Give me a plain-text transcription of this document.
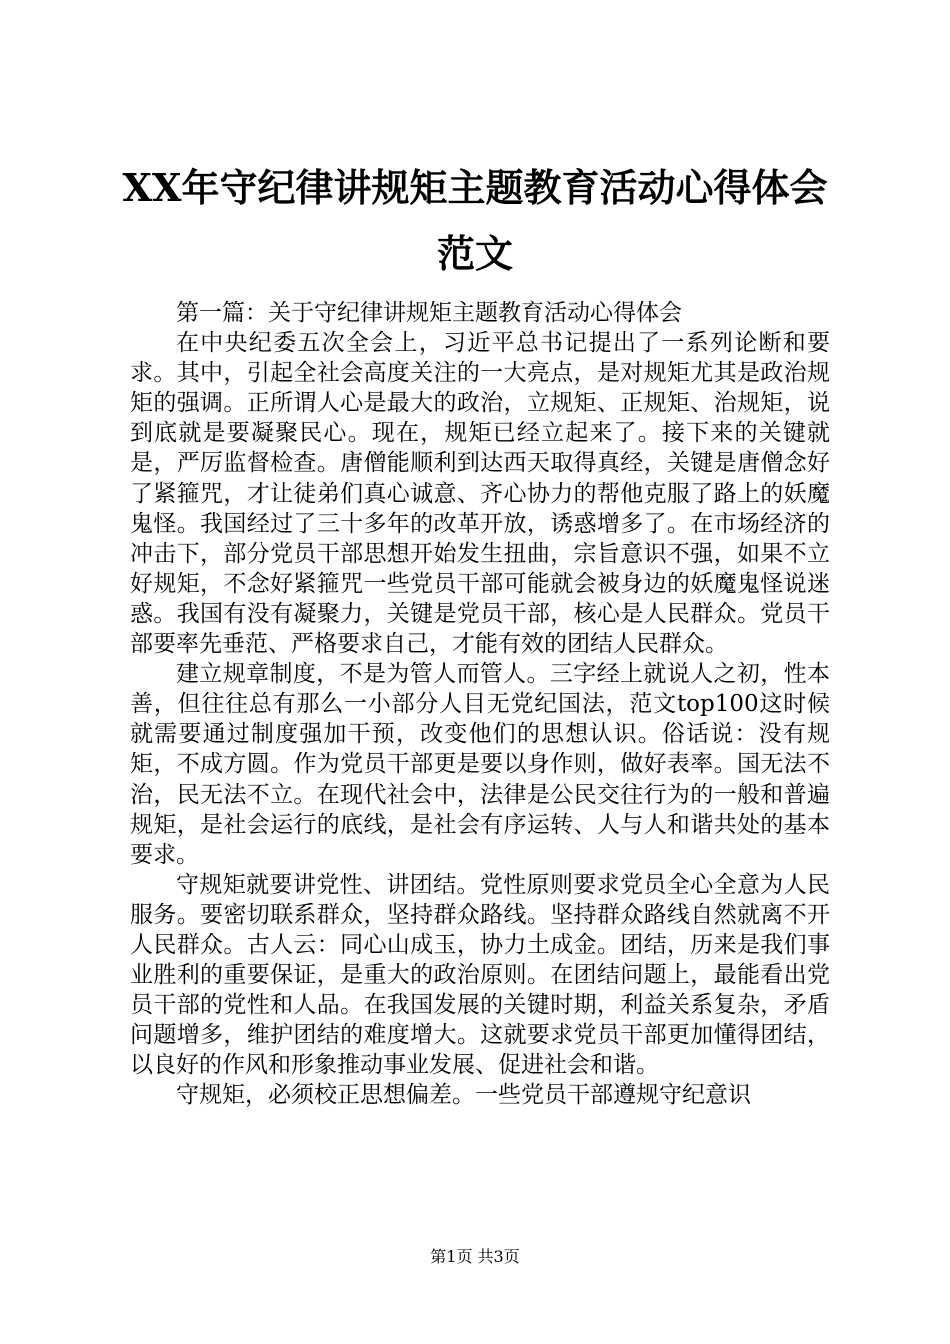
XX年守纪律讲规矩主题教育活动心得体会范文

第一篇：关于守纪律讲规矩主题教育活动心得体会

在中央纪委五次全会上，习近平总书记提出了一系列论断和要求。其中，引起全社会高度关注的一大亮点，是对规矩尤其是政治规矩的强调。正所谓人心是最大的政治，立规矩、正规矩、治规矩，说到底就是要凝聚民心。现在，规矩已经立起来了。接下来的关键就是，严厉监督检查。唐僧能顺利到达西天取得真经，关键是唐僧念好了紧箍咒，才让徒弟们真心诚意、齐心协力的帮他克服了路上的妖魔鬼怪。我国经过了三十多年的改革开放，诱惑增多了。在市场经济的冲击下，部分党员干部思想开始发生扭曲，宗旨意识不强，如果不立好规矩，不念好紧箍咒一些党员干部可能就会被身边的妖魔鬼怪说迷惑。我国有没有凝聚力，关键是党员干部，核心是人民群众。党员干部要率先垂范、严格要求自己，才能有效的团结人民群众。

建立规章制度，不是为管人而管人。三字经上就说人之初，性本善，但往往总有那么一小部分人目无党纪国法，范文top100这时候就需要通过制度强加干预，改变他们的思想认识。俗话说：没有规矩，不成方圆。作为党员干部更是要以身作则，做好表率。国无法不治，民无法不立。在现代社会中，法律是公民交往行为的一般和普遍规矩，是社会运行的底线，是社会有序运转、人与人和谐共处的基本要求。

守规矩就要讲党性、讲团结。党性原则要求党员全心全意为人民服务。要密切联系群众，坚持群众路线。坚持群众路线自然就离不开人民群众。古人云：同心山成玉，协力土成金。团结，历来是我们事业胜利的重要保证，是重大的政治原则。在团结问题上，最能看出党员干部的党性和人品。在我国发展的关键时期，利益关系复杂，矛盾问题增多，维护团结的难度增大。这就要求党员干部更加懂得团结，以良好的作风和形象推动事业发展、促进社会和谐。

守规矩，必须校正思想偏差。一些党员干部遵规守纪意识

第1页 共3页
